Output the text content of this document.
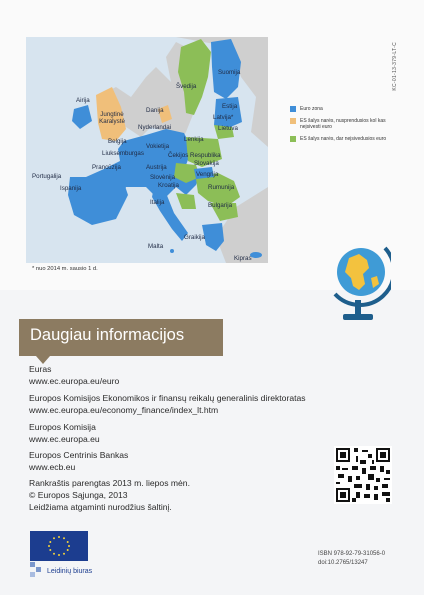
KC-01-13-379-LT-C
Suomija
Švedija
Estija
Airija
Danija
Latvija*
Jungtinė Karalystė
Nyderlandai	Lietuva
Belgija
Vokietija
Lenkija
Liuksemburgas	Čekijos Respublika
Portugalija
Prancūzija	Austrija
Slovakija
Slovėnija	Vengrija
Ispanija	Kroatija	Rumunija
Italija	Bulgarija
Graikija
Malta
Kipras
* nuo 2014 m. sausio 1 d.
Euro zona
ES šalys narės, nusprendusios kol kas neįsivesti euro
ES šalys narės, dar neįsivedusios euro
Daugiau informacijos
Euras
www.ec.europa.eu/euro
Europos Komisijos Ekonomikos ir finansų reikalų generalinis direktoratas
www.ec.europa.eu/economy_finance/index_lt.htm
Europos Komisija
www.ec.europa.eu
Europos Centrinis Bankas
www.ecb.eu
Rankraštis parengtas 2013 m. liepos mėn.
© Europos Sąjunga, 2013
Leidžiama atgaminti nurodžius šaltinį.
Leidinių biuras
ISBN 978-92-79-31056-0
doi:10.2765/13247
